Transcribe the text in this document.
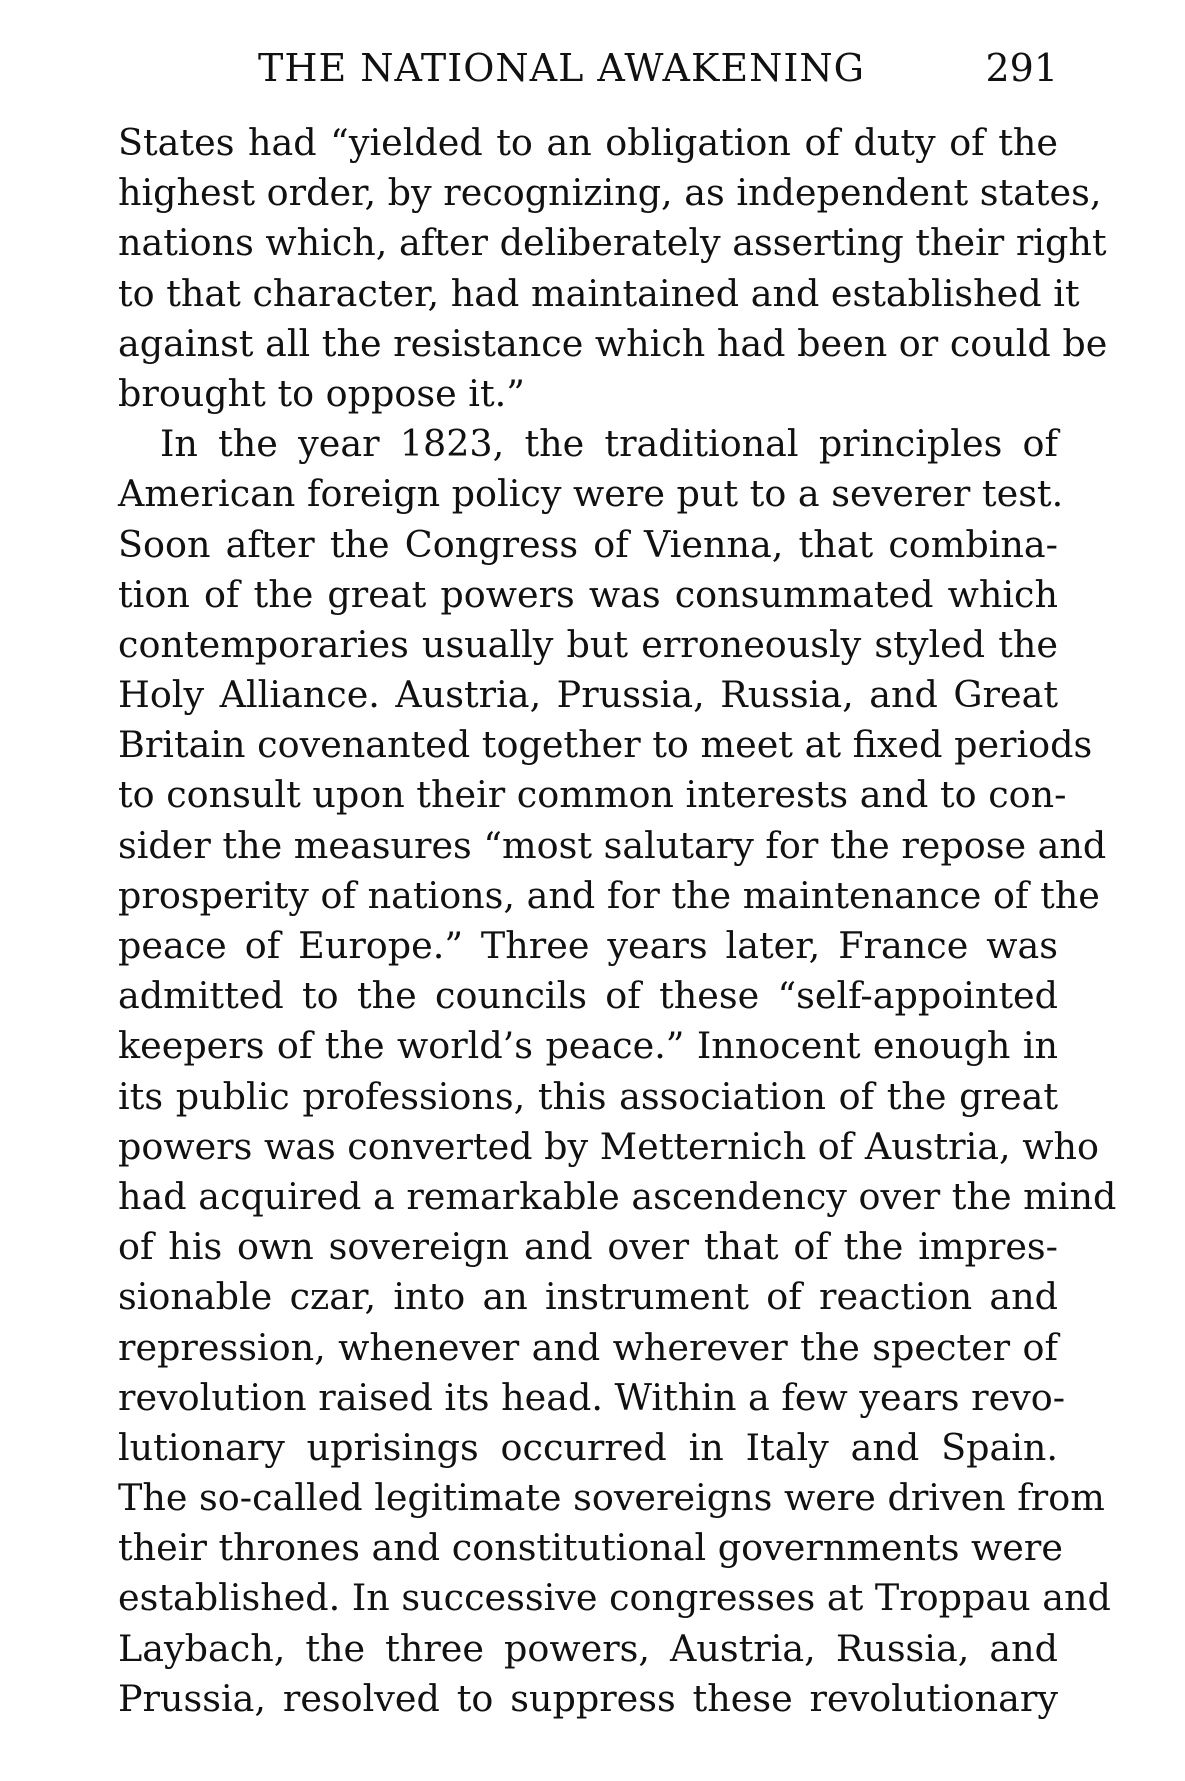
THE NATIONAL AWAKENING	291
States had “yielded to an obligation of duty of the
highest order, by recognizing, as independent states,
nations which, after deliberately asserting their right
to that character, had maintained and established it
against all the resistance which had been or could be
brought to oppose it.”
In the year 1823, the traditional principles of
American foreign policy were put to a severer test.
Soon after the Congress of Vienna, that combina-
tion of the great powers was consummated which
contemporaries usually but erroneously styled the
Holy Alliance. Austria, Prussia, Russia, and Great
Britain covenanted together to meet at fixed periods
to consult upon their common interests and to con-
sider the measures “most salutary for the repose and
prosperity of nations, and for the maintenance of the
peace of Europe.” Three years later, France was
admitted to the councils of these “self-appointed
keepers of the world’s peace.” Innocent enough in
its public professions, this association of the great
powers was converted by Metternich of Austria, who
had acquired a remarkable ascendency over the mind
of his own sovereign and over that of the impres-
sionable czar, into an instrument of reaction and
repression, whenever and wherever the specter of
revolution raised its head. Within a few years revo-
lutionary uprisings occurred in Italy and Spain.
The so-called legitimate sovereigns were driven from
their thrones and constitutional governments were
established. In successive congresses at Troppau and
Laybach, the three powers, Austria, Russia, and
Prussia, resolved to suppress these revolutionary
